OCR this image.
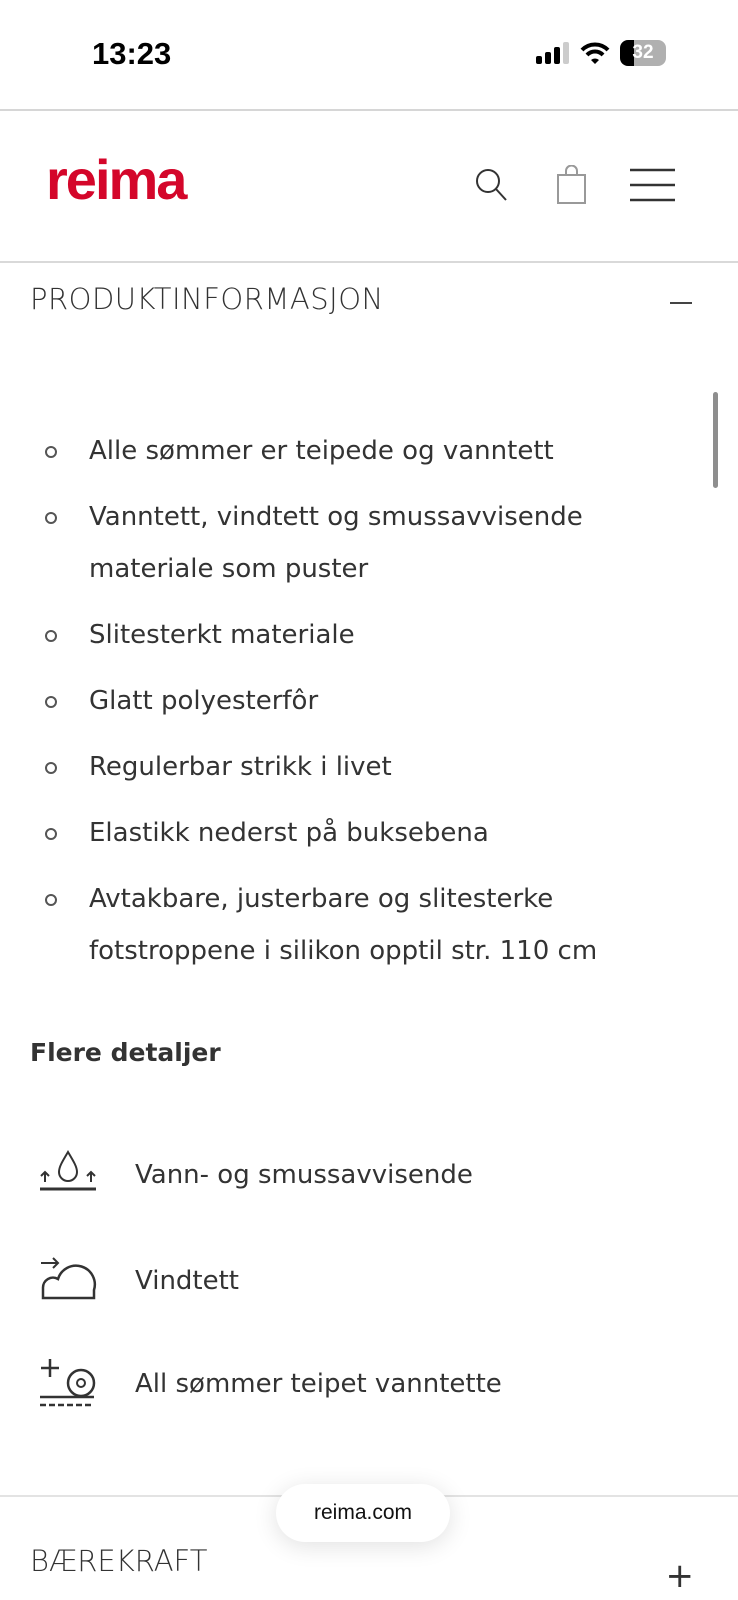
13:23	32
reima
PRODUKTINFORMASJON
Alle sømmer er teipede og vanntett
Vanntett, vindtett og smussavvisende materiale som puster
Slitesterkt materiale
Glatt polyesterfôr
Regulerbar strikk i livet
Elastikk nederst på buksebena
Avtakbare, justerbare og slitesterke fotstroppene i silikon opptil str. 110 cm
Flere detaljer
Vann- og smussavvisende
Vindtett
All sømmer teipet vanntette
BÆREKRAFT	+
reima.com
